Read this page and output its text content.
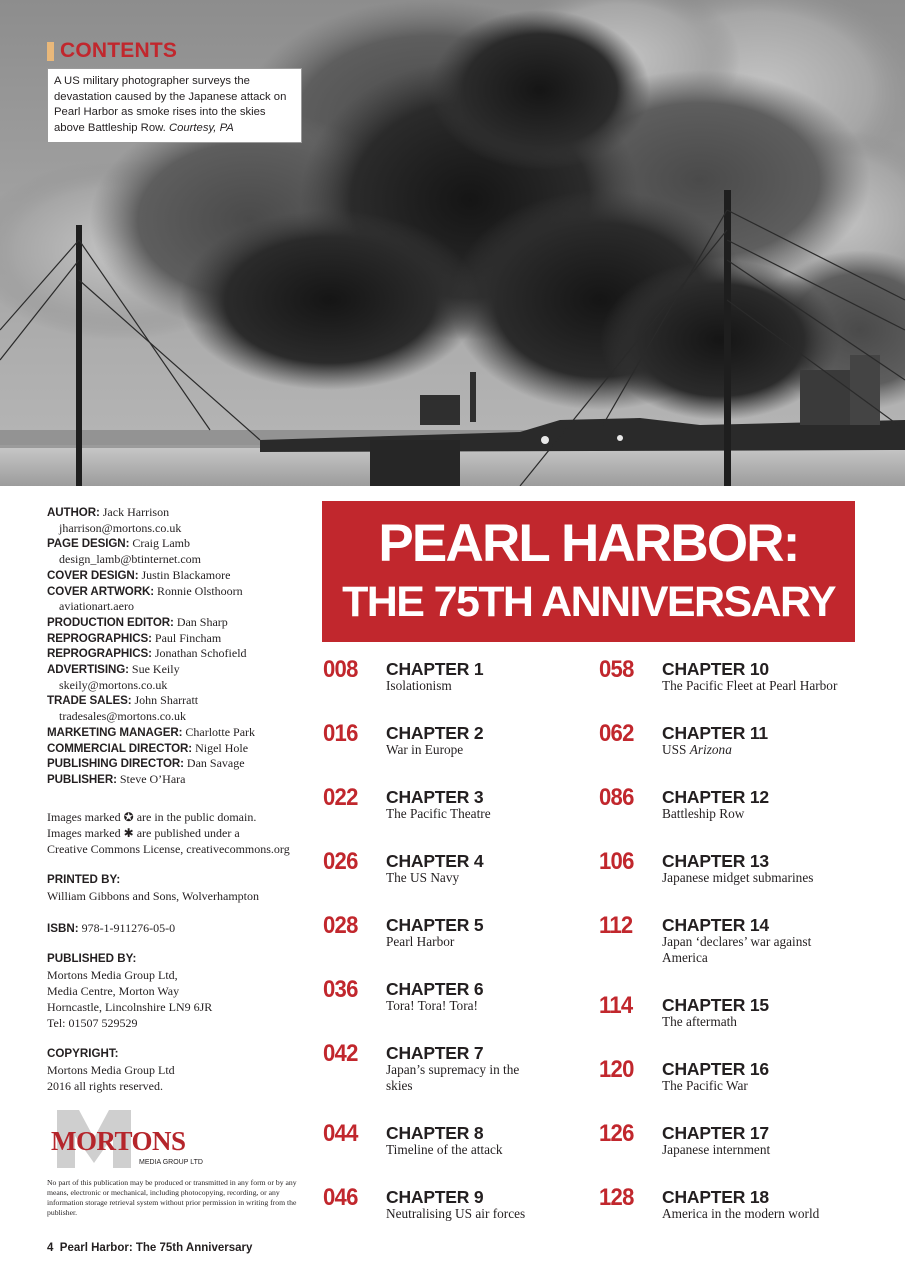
CONTENTS
A US military photographer surveys the devastation caused by the Japanese attack on Pearl Harbor as smoke rises into the skies above Battleship Row. Courtesy, PA
AUTHOR: Jack Harrison
jharrison@mortons.co.uk
PAGE DESIGN: Craig Lamb
design_lamb@btinternet.com
COVER DESIGN: Justin Blackamore
COVER ARTWORK: Ronnie Olsthoorn
aviationart.aero
PRODUCTION EDITOR: Dan Sharp
REPROGRAPHICS: Paul Fincham
REPROGRAPHICS: Jonathan Schofield
ADVERTISING: Sue Keily
skeily@mortons.co.uk
TRADE SALES: John Sharratt
tradesales@mortons.co.uk
MARKETING MANAGER: Charlotte Park
COMMERCIAL DIRECTOR: Nigel Hole
PUBLISHING DIRECTOR: Dan Savage
PUBLISHER: Steve O’Hara
Images marked ✪ are in the public domain.
Images marked ✱ are published under a
Creative Commons License, creativecommons.org
PRINTED BY:
William Gibbons and Sons, Wolverhampton
ISBN: 978-1-911276-05-0
PUBLISHED BY:
Mortons Media Group Ltd,
Media Centre, Morton Way
Horncastle, Lincolnshire LN9 6JR
Tel: 01507 529529
COPYRIGHT:
Mortons Media Group Ltd
2016 all rights reserved.
MORTONS
MEDIA GROUP LTD
No part of this publication may be produced or transmitted in any form or by any means, electronic or mechanical, including photocopying, recording, or any information storage retrieval system without prior permission in writing from the publisher.
4 Pearl Harbor: The 75th Anniversary
PEARL HARBOR:
THE 75TH ANNIVERSARY
008 CHAPTER 1
Isolationism
016 CHAPTER 2
War in Europe
022 CHAPTER 3
The Pacific Theatre
026 CHAPTER 4
The US Navy
028 CHAPTER 5
Pearl Harbor
036 CHAPTER 6
Tora! Tora! Tora!
042 CHAPTER 7
Japan’s supremacy in the skies
044 CHAPTER 8
Timeline of the attack
046 CHAPTER 9
Neutralising US air forces
058 CHAPTER 10
The Pacific Fleet at Pearl Harbor
062 CHAPTER 11
USS Arizona
086 CHAPTER 12
Battleship Row
106 CHAPTER 13
Japanese midget submarines
112 CHAPTER 14
Japan ‘declares’ war against America
114 CHAPTER 15
The aftermath
120 CHAPTER 16
The Pacific War
126 CHAPTER 17
Japanese internment
128 CHAPTER 18
America in the modern world
